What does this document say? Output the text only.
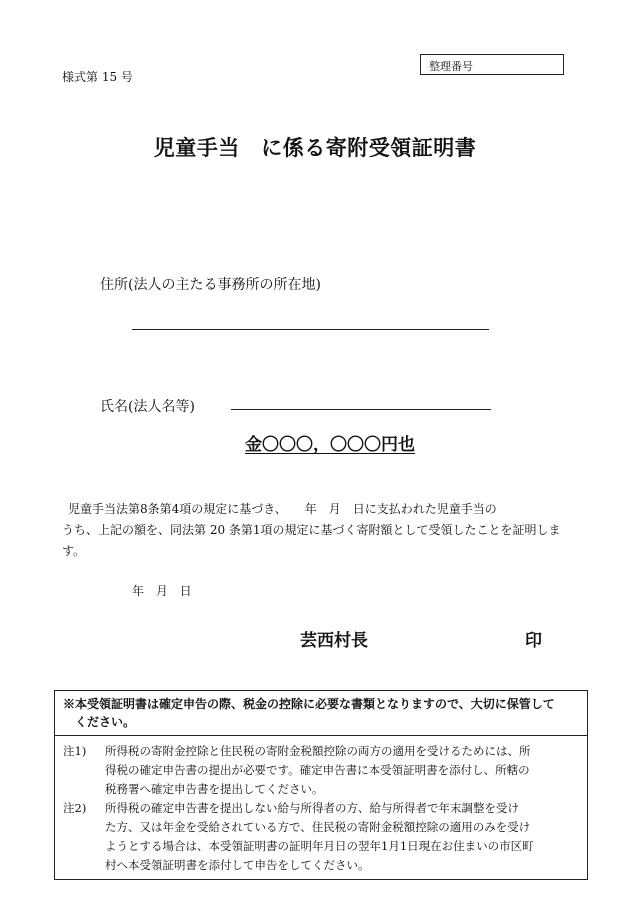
様式第 15 号
整理番号
児童手当　に係る寄附受領証明書
住所(法人の主たる事務所の所在地)
氏名(法人名等)
金〇〇〇，〇〇〇円也
児童手当法第8条第4項の規定に基づき、　　年　月　日に支払われた児童手当の
うち、上記の額を、同法第 20 条第1項の規定に基づく寄附額として受領したことを証明しま
す。
年 月 日
芸西村長	印
※本受領証明書は確定申告の際、税金の控除に必要な書類となりますので、大切に保管して
ください。
注1) 所得税の寄附金控除と住民税の寄附金税額控除の両方の適用を受けるためには、所
得税の確定申告書の提出が必要です。確定申告書に本受領証明書を添付し、所轄の
税務署へ確定申告書を提出してください。
注2) 所得税の確定申告書を提出しない給与所得者の方、給与所得者で年末調整を受け
た方、又は年金を受給されている方で、住民税の寄附金税額控除の適用のみを受け
ようとする場合は、本受領証明書の証明年月日の翌年1月1日現在お住まいの市区町
村へ本受領証明書を添付して申告をしてください。
